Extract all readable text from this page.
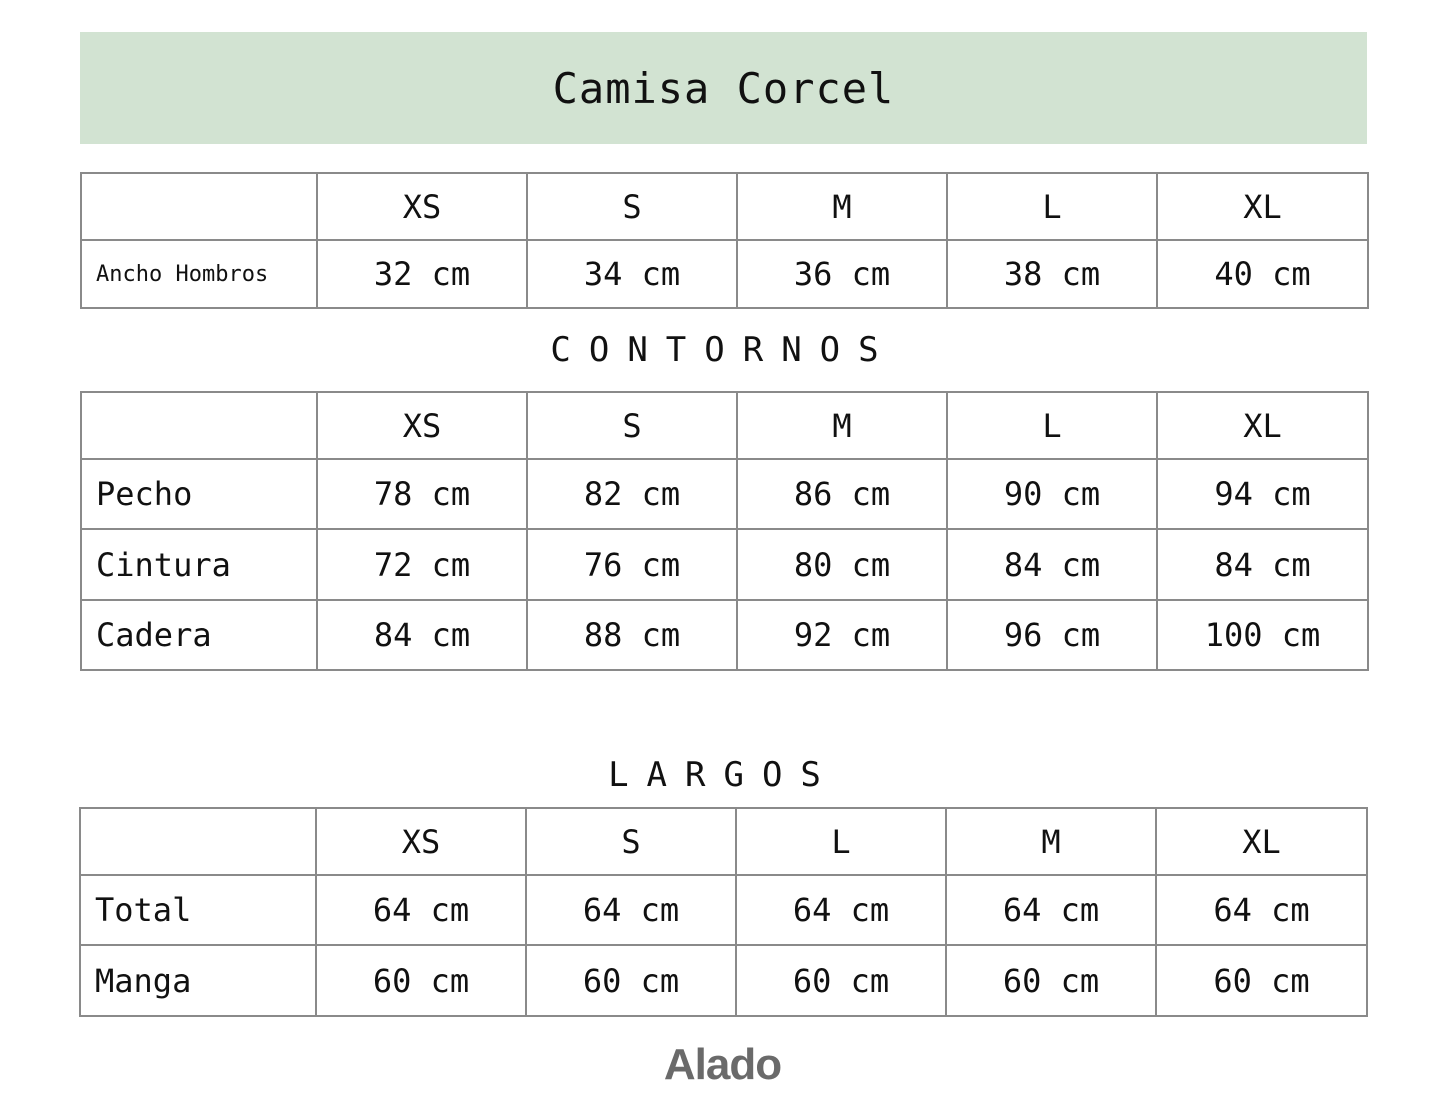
Camisa Corcel
	XS	S	M	L	XL
Ancho Hombros	32 cm	34 cm	36 cm	38 cm	40 cm
CONTORNOS
	XS	S	M	L	XL
Pecho	78 cm	82 cm	86 cm	90 cm	94 cm
Cintura	72 cm	76 cm	80 cm	84 cm	84 cm
Cadera	84 cm	88 cm	92 cm	96 cm	100 cm
LARGOS
	XS	S	L	M	XL
Total	64 cm	64 cm	64 cm	64 cm	64 cm
Manga	60 cm	60 cm	60 cm	60 cm	60 cm
Alado
